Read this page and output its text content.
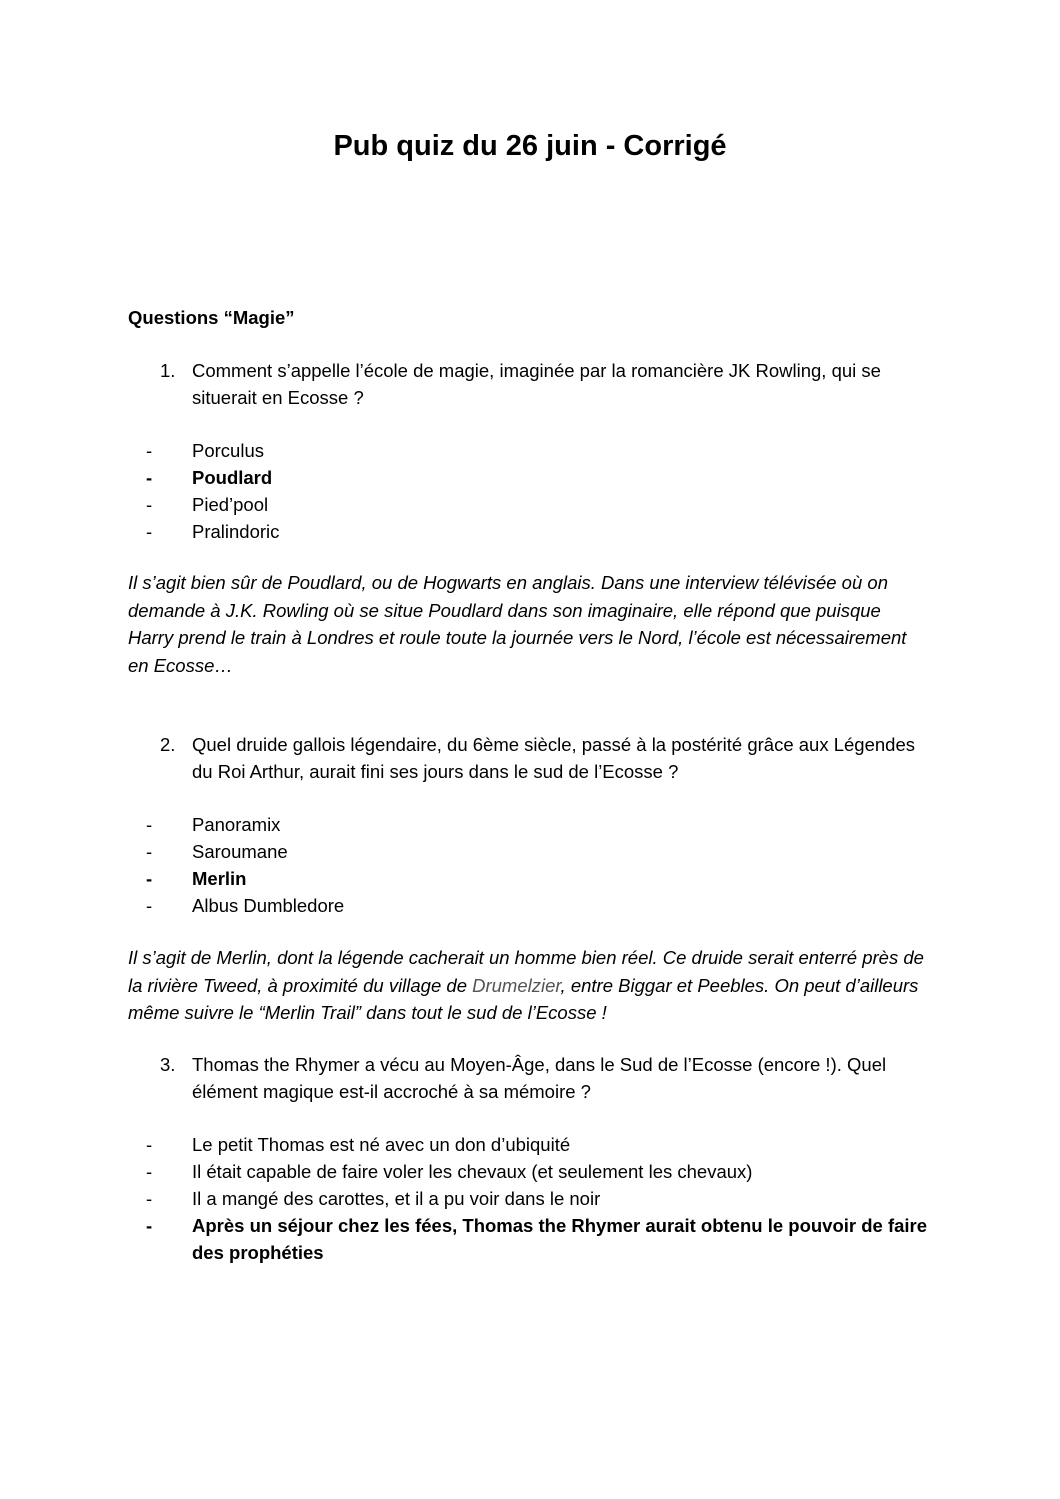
Pub quiz du 26 juin - Corrigé
Questions “Magie”
1. Comment s’appelle l’école de magie, imaginée par la romancière JK Rowling, qui se situerait en Ecosse ?
- Porculus
- Poudlard
- Pied’pool
- Pralindoric
Il s’agit bien sûr de Poudlard, ou de Hogwarts en anglais. Dans une interview télévisée où on demande à J.K. Rowling où se situe Poudlard dans son imaginaire, elle répond que puisque Harry prend le train à Londres et roule toute la journée vers le Nord, l’école est nécessairement en Ecosse…
2. Quel druide gallois légendaire, du 6ème siècle, passé à la postérité grâce aux Légendes du Roi Arthur, aurait fini ses jours dans le sud de l’Ecosse ?
- Panoramix
- Saroumane
- Merlin
- Albus Dumbledore
Il s’agit de Merlin, dont la légende cacherait un homme bien réel. Ce druide serait enterré près de la rivière Tweed, à proximité du village de Drumelzier, entre Biggar et Peebles. On peut d’ailleurs même suivre le “Merlin Trail” dans tout le sud de l’Ecosse !
3. Thomas the Rhymer a vécu au Moyen-Âge, dans le Sud de l’Ecosse (encore !). Quel élément magique est-il accroché à sa mémoire ?
- Le petit Thomas est né avec un don d’ubiquité
- Il était capable de faire voler les chevaux (et seulement les chevaux)
- Il a mangé des carottes, et il a pu voir dans le noir
- Après un séjour chez les fées, Thomas the Rhymer aurait obtenu le pouvoir de faire des prophéties
